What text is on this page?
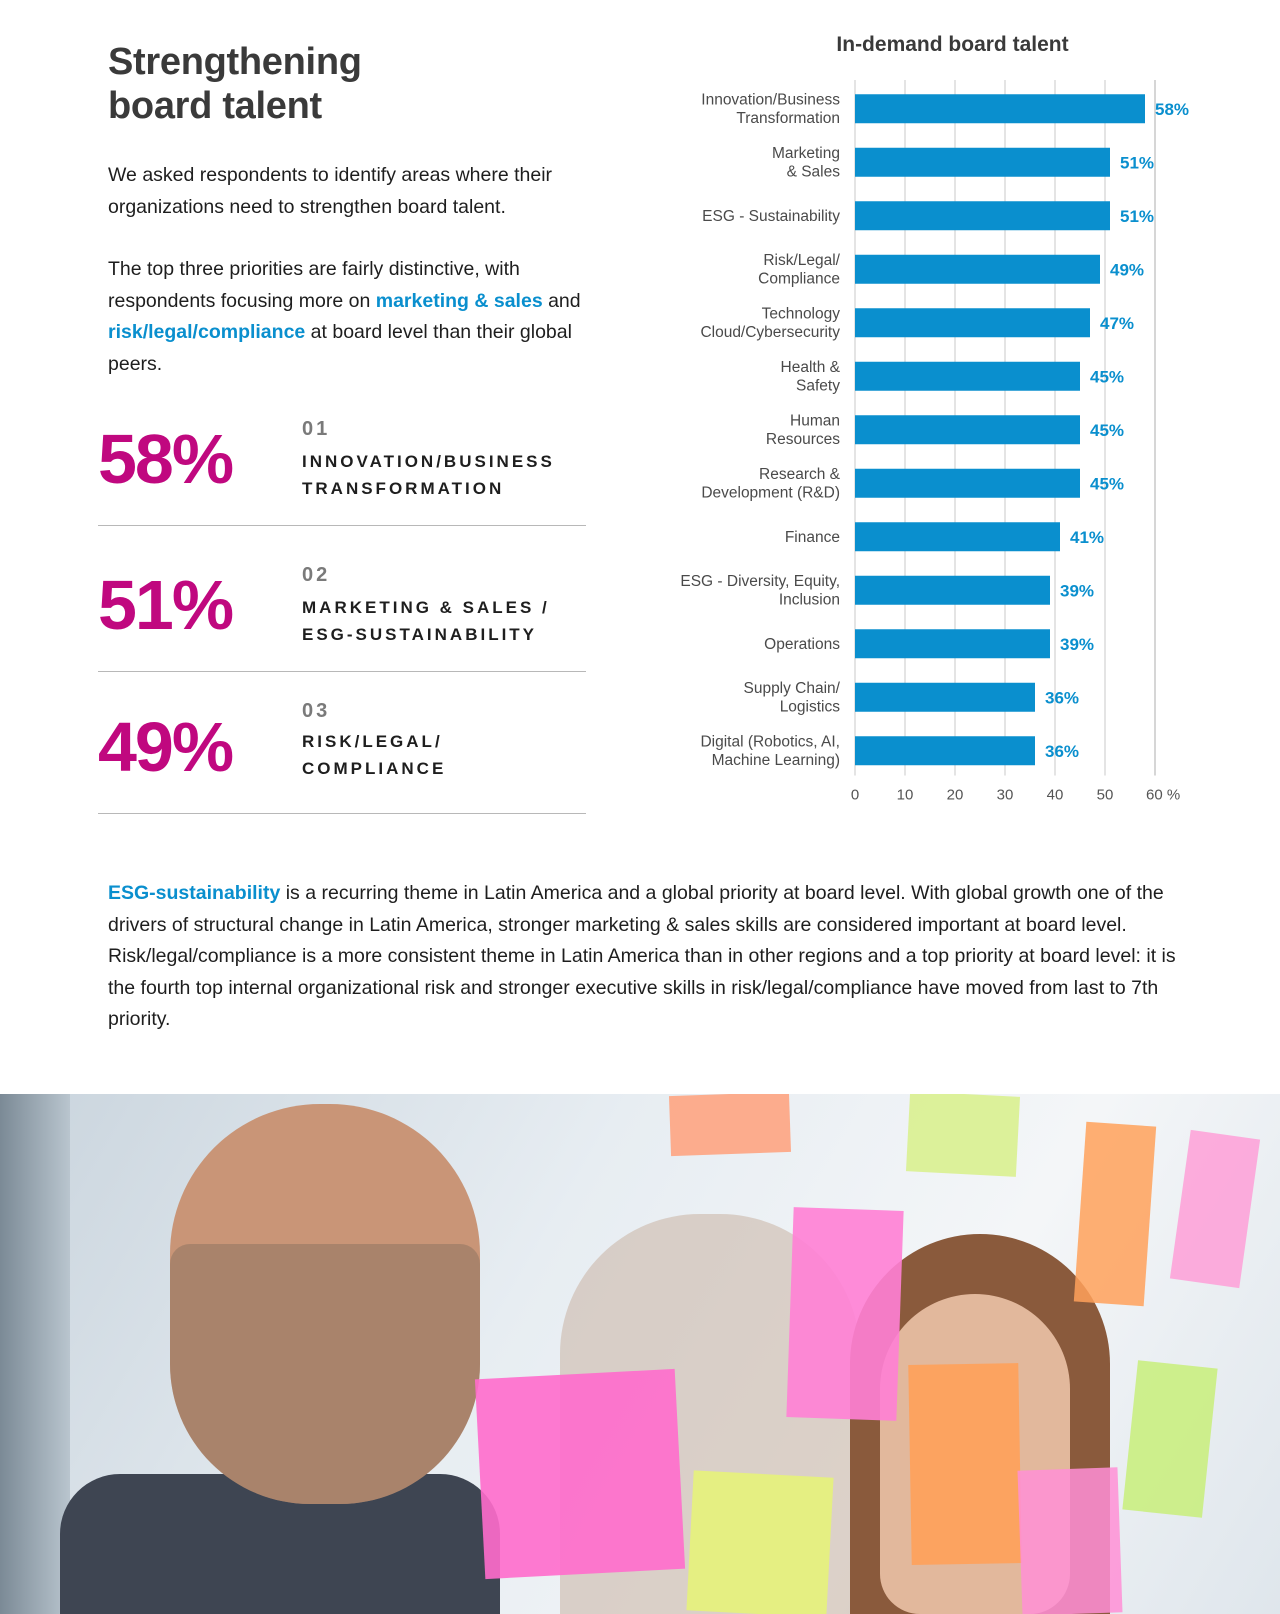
Strengthening
board talent

We asked respondents to identify areas where their organizations need to strengthen board talent.

The top three priorities are fairly distinctive, with respondents focusing more on marketing & sales and risk/legal/compliance at board level than their global peers.

58%	01
INNOVATION/BUSINESS
TRANSFORMATION
51%	02
MARKETING & SALES /
ESG-SUSTAINABILITY
49%	03
RISK/LEGAL/
COMPLIANCE
In-demand board talent
0 10 20 30 40 50 60 %
58%
Innovation/Business
Transformation
51%
Marketing
& Sales
51%
ESG - Sustainability
49%
Risk/Legal/
Compliance
47%
Technology
Cloud/Cybersecurity
45%
Health &
Safety
45%
Human
Resources
45%
Research &
Development (R&D)
41%
Finance
39%
ESG - Diversity, Equity,
Inclusion
39%
Operations
36%
Supply Chain/
Logistics
36%
Digital (Robotics, AI,
Machine Learning)
ESG-sustainability is a recurring theme in Latin America and a global priority at board level. With global growth one of the drivers of structural change in Latin America, stronger marketing & sales skills are considered important at board level. Risk/legal/compliance is a more consistent theme in Latin America than in other regions and a top priority at board level: it is the fourth top internal organizational risk and stronger executive skills in risk/legal/compliance have moved from last to 7th priority.
